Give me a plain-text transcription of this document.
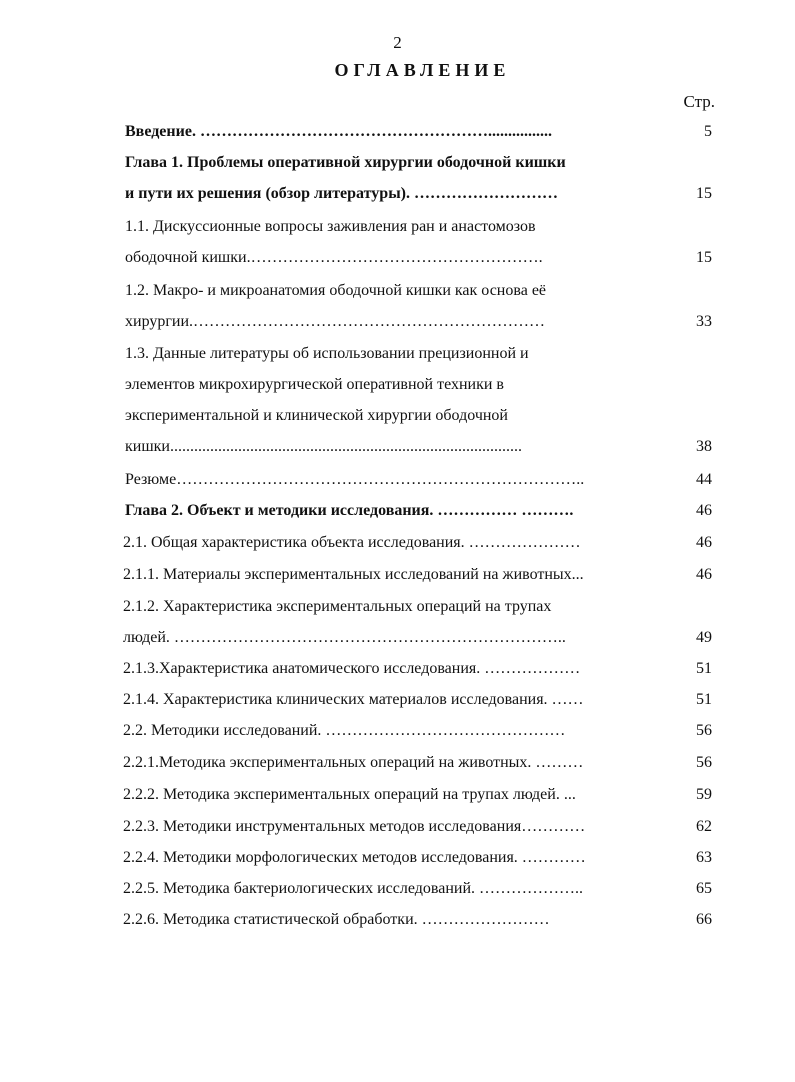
2
ОГЛАВЛЕНИЕ
Стр.
Введение. ………………………………………………................	5
Глава 1. Проблемы оперативной хирургии ободочной кишки
и пути их решения (обзор литературы). ………………………	15
1.1. Дискуссионные вопросы заживления ран и анастомозов
ободочной кишки.……………………………………………….	15
1.2. Макро- и микроанатомия ободочной кишки как основа её
хирургии.…………………………………………………………	33
1.3. Данные литературы об использовании прецизионной и
элементов микрохирургической оперативной техники в
экспериментальной и клинической хирургии ободочной
кишки........................................................................................	38
Резюме…………………………………………………………………..	44
Глава 2. Объект и методики исследования. …………… ……….	46
2.1. Общая характеристика объекта исследования. …………………	46
2.1.1. Материалы экспериментальных исследований на животных...	46
2.1.2. Характеристика экспериментальных операций на трупах
людей. ………………………………………………………………..	49
2.1.3.Характеристика анатомического исследования. ………………	51
2.1.4. Характеристика клинических материалов исследования. ……	51
2.2. Методики исследований. ………………………………………	56
2.2.1.Методика экспериментальных операций на животных. ………	56
2.2.2. Методика экспериментальных операций на трупах людей. ...	59
2.2.3. Методики инструментальных методов исследования…………	62
2.2.4. Методики морфологических методов исследования. …………	63
2.2.5. Методика бактериологических исследований. ………………..	65
2.2.6. Методика статистической обработки. ……………………	66
